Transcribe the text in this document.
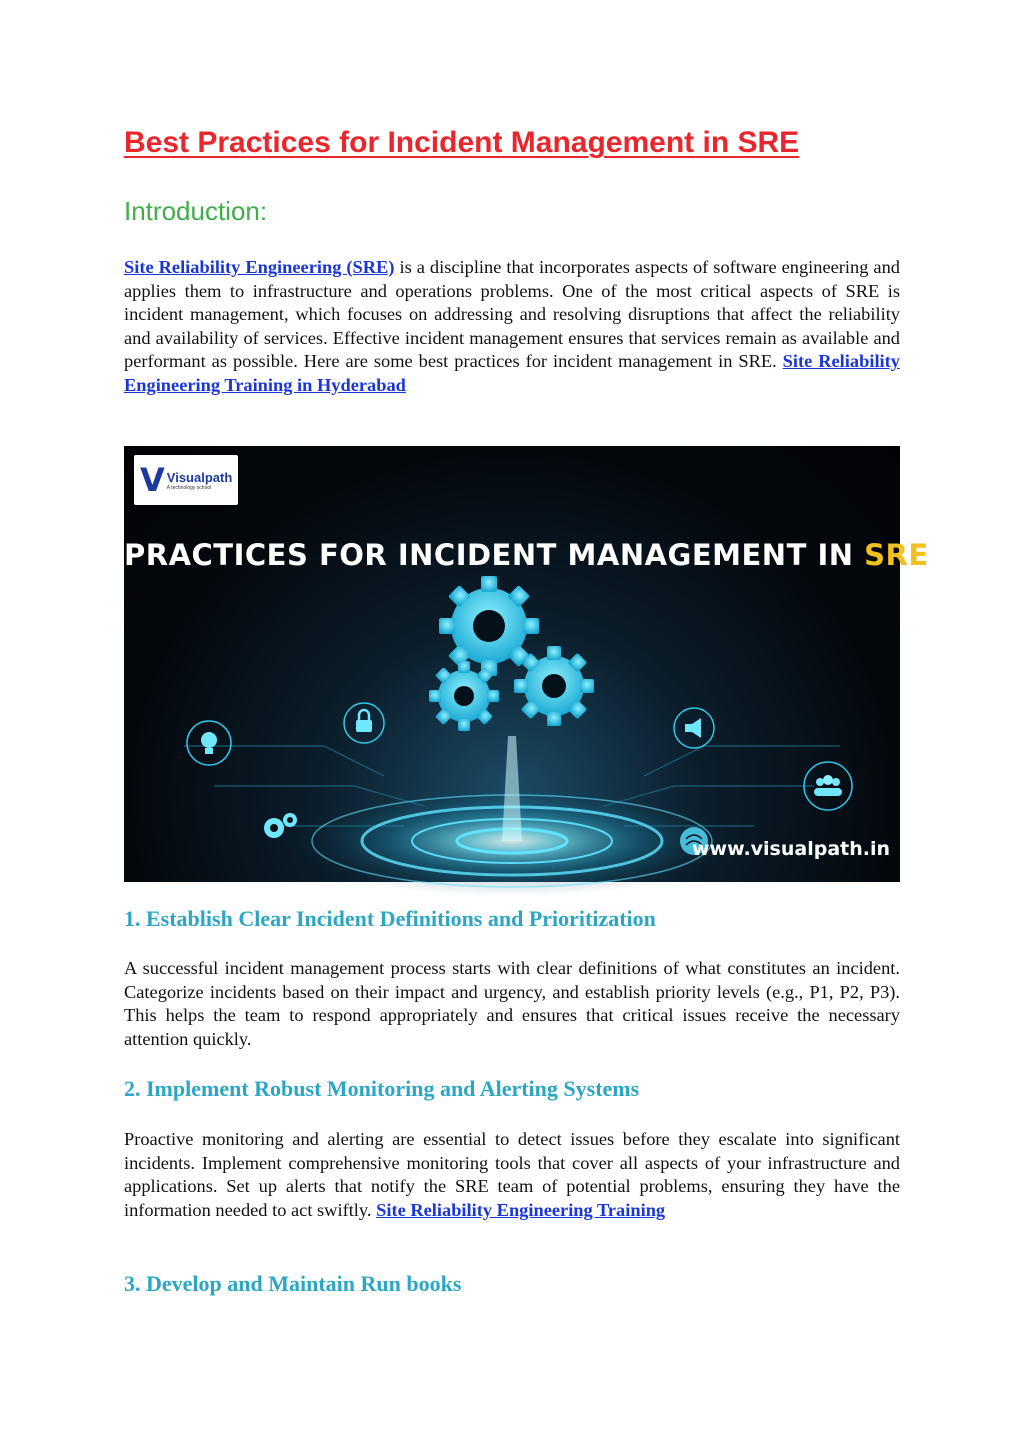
Best Practices for Incident Management in SRE
Introduction:

Site Reliability Engineering (SRE) is a discipline that incorporates aspects of software engineering and applies them to infrastructure and operations problems. One of the most critical aspects of SRE is incident management, which focuses on addressing and resolving disruptions that affect the reliability and availability of services. Effective incident management ensures that services remain as available and performant as possible. Here are some best practices for incident management in SRE. Site Reliability Engineering Training in Hyderabad

V Visualpath
A technology school
PRACTICES FOR INCIDENT MANAGEMENT IN SRE
www.visualpath.in
1. Establish Clear Incident Definitions and Prioritization

A successful incident management process starts with clear definitions of what constitutes an incident. Categorize incidents based on their impact and urgency, and establish priority levels (e.g., P1, P2, P3). This helps the team to respond appropriately and ensures that critical issues receive the necessary attention quickly.

2. Implement Robust Monitoring and Alerting Systems

Proactive monitoring and alerting are essential to detect issues before they escalate into significant incidents. Implement comprehensive monitoring tools that cover all aspects of your infrastructure and applications. Set up alerts that notify the SRE team of potential problems, ensuring they have the information needed to act swiftly. Site Reliability Engineering Training

3. Develop and Maintain Run books
